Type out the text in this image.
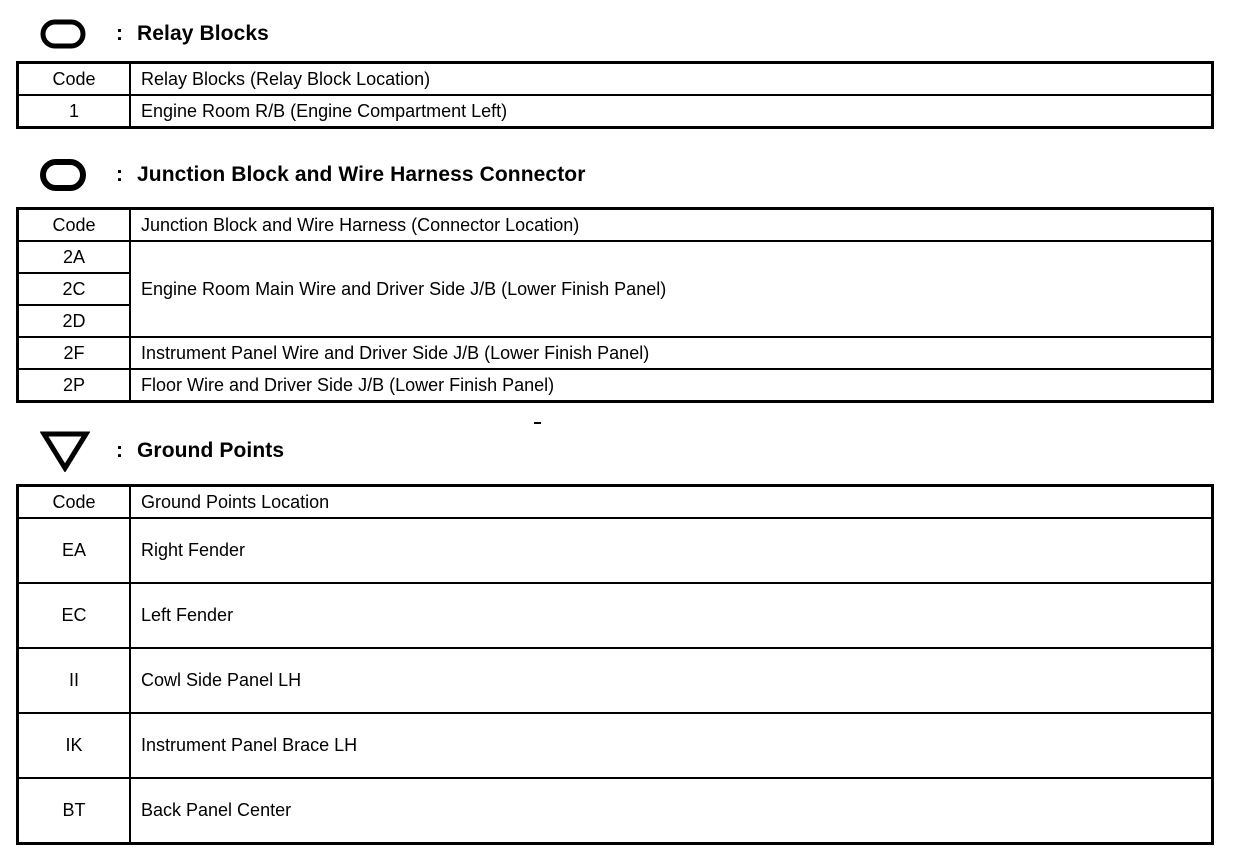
: Relay Blocks
Code	Relay Blocks (Relay Block Location)
1	Engine Room R/B (Engine Compartment Left)
: Junction Block and Wire Harness Connector
Code	Junction Block and Wire Harness (Connector Location)
2A	Engine Room Main Wire and Driver Side J/B (Lower Finish Panel)
2C	
2D	
2F	Instrument Panel Wire and Driver Side J/B (Lower Finish Panel)
2P	Floor Wire and Driver Side J/B (Lower Finish Panel)
: Ground Points
Code	Ground Points Location
EA	Right Fender
EC	Left Fender
II	Cowl Side Panel LH
IK	Instrument Panel Brace LH
BT	Back Panel Center
